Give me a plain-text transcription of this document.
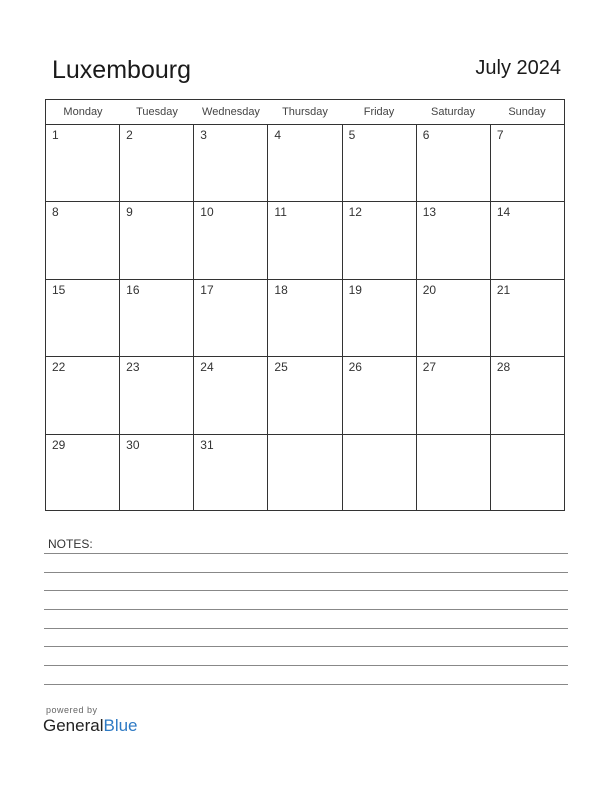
Luxembourg	July 2024
Monday	Tuesday	Wednesday	Thursday	Friday	Saturday	Sunday
1	2	3	4	5	6	7
8	9	10	11	12	13	14
15	16	17	18	19	20	21
22	23	24	25	26	27	28
29	30	31
NOTES:
powered by
GeneralBlue
